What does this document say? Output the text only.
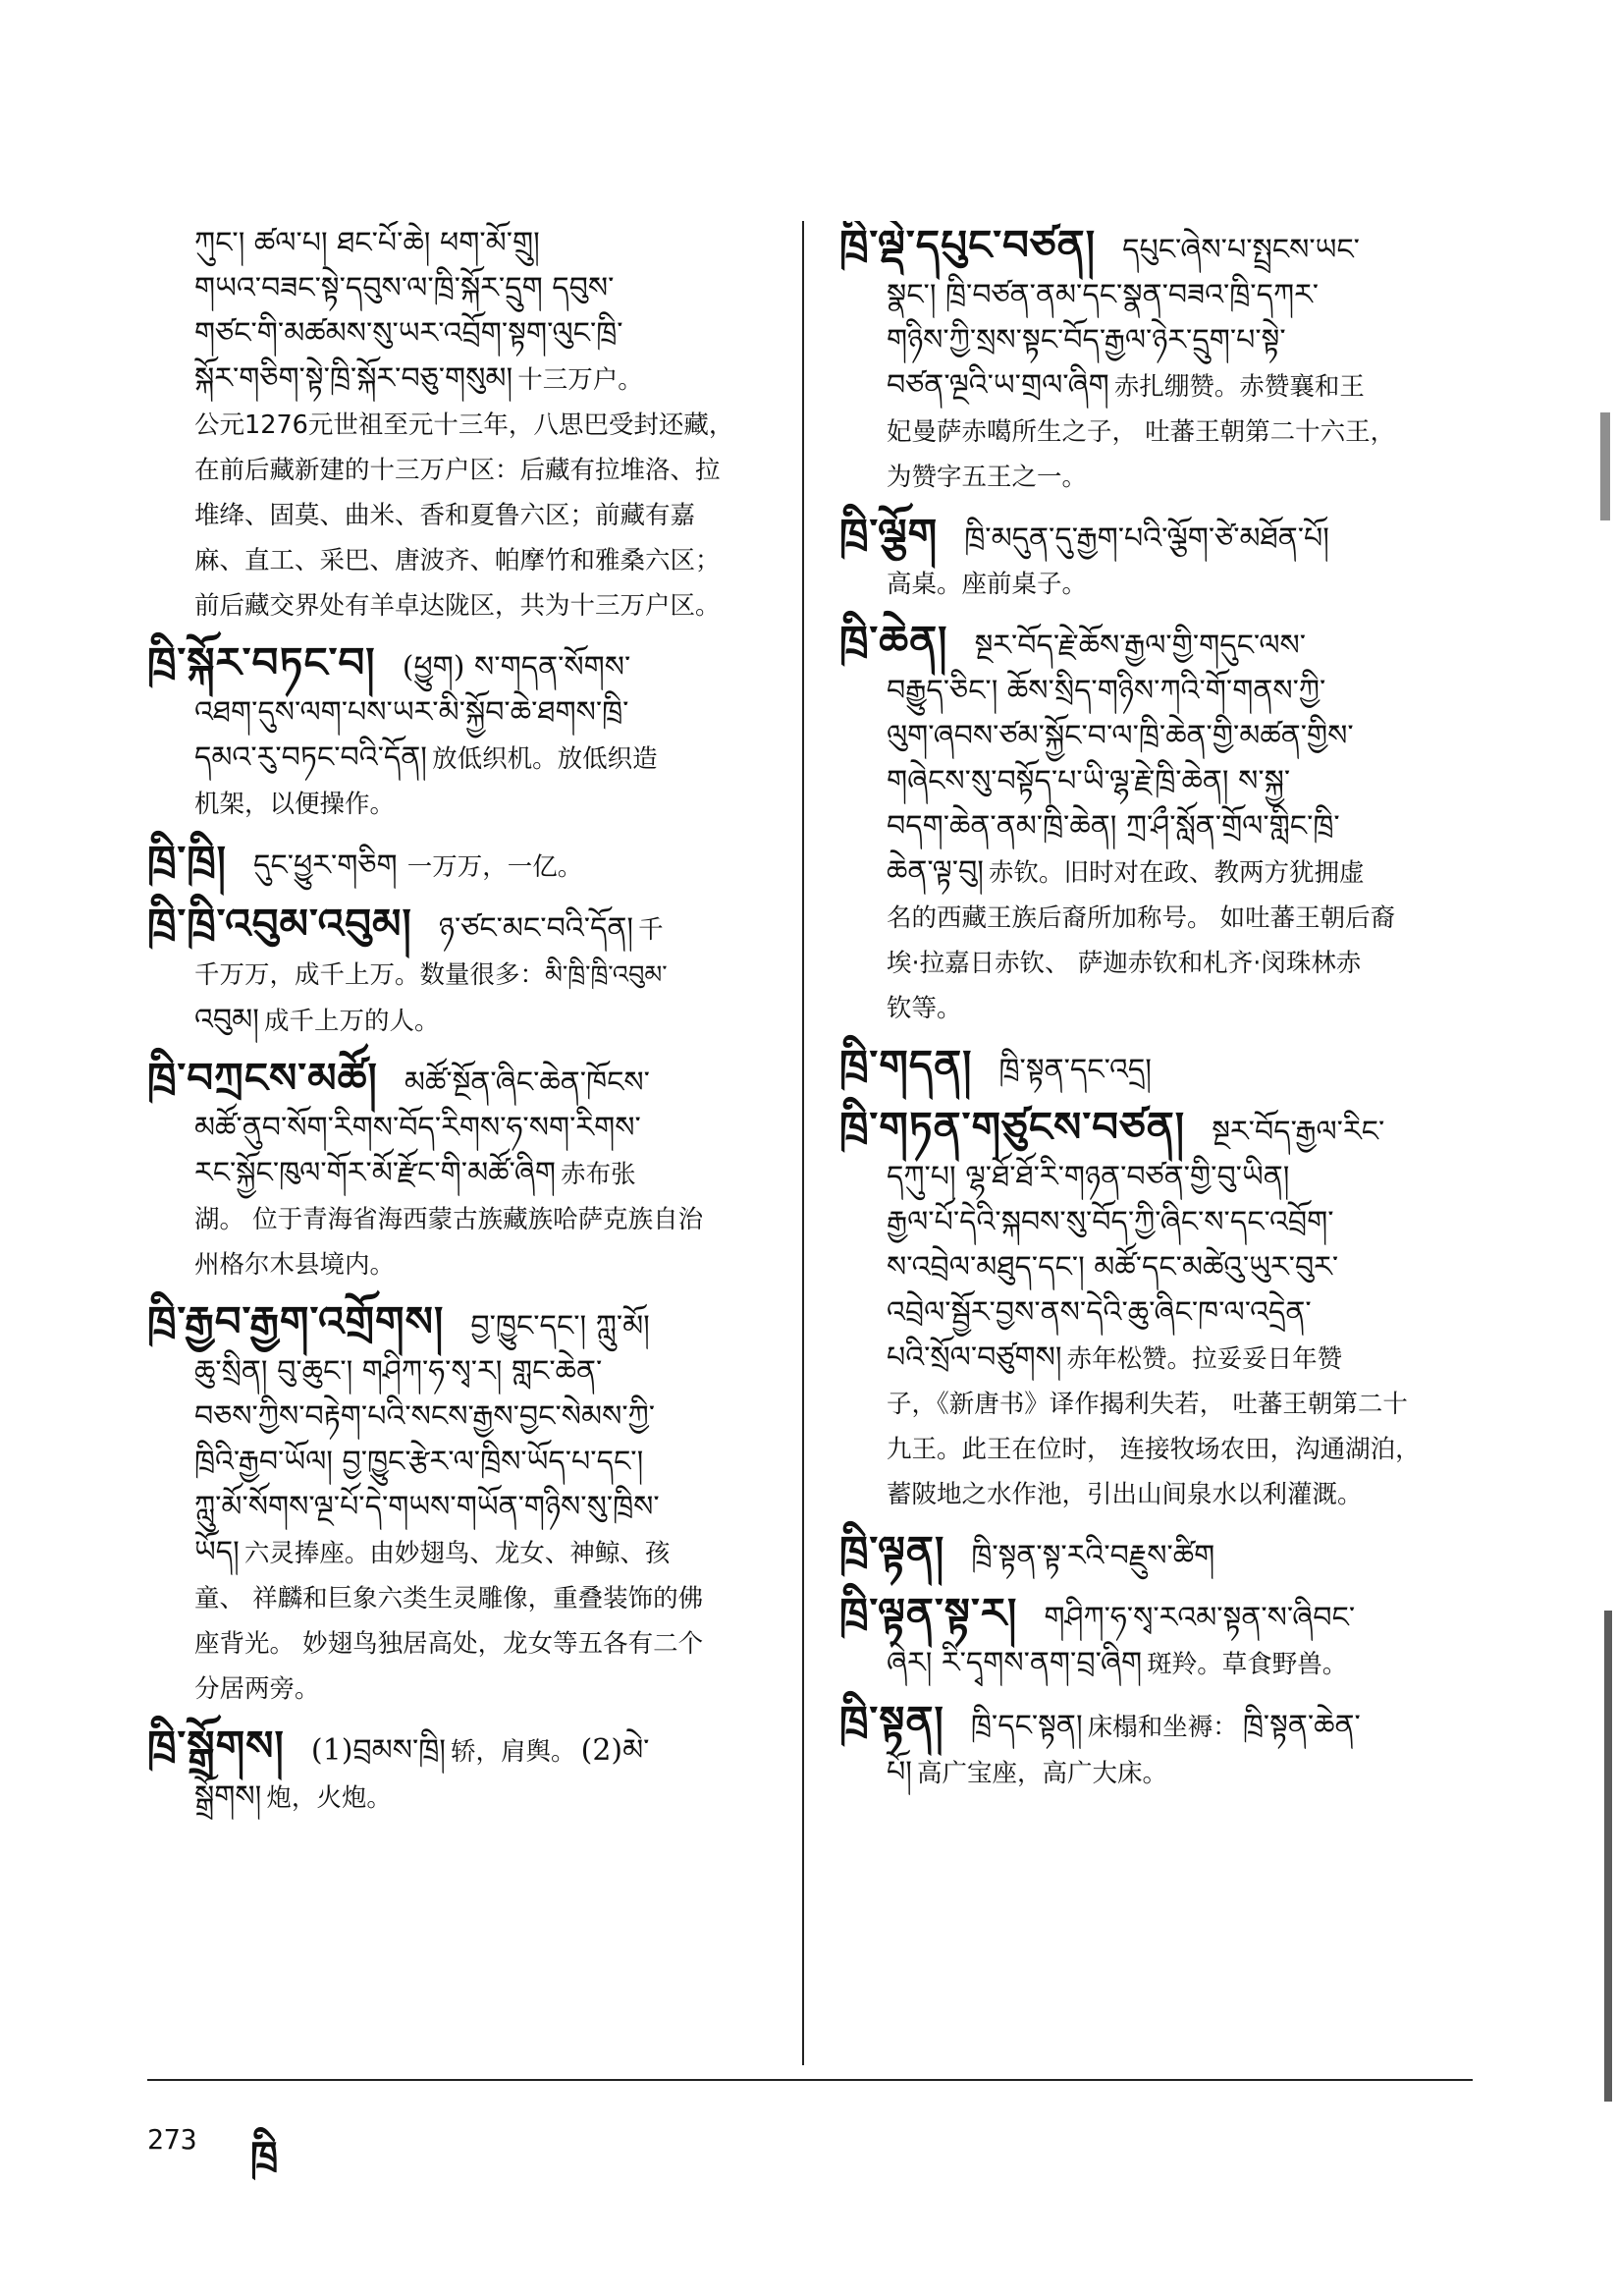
ཀུང་། ཚལ་པ། ཐང་པོ་ཆེ། ཕག་མོ་གྲུ།
གཡའ་བཟང་སྟེ་དབུས་ལ་ཁྲི་སྐོར་དྲུག དབུས་
གཙང་གི་མཚམས་སུ་ཡར་འབྲོག་སྟག་ལུང་ཁྲི་
སྐོར་གཅིག་སྟེ་ཁྲི་སྐོར་བཅུ་གསུམ། 十三万户。
公元1276元世祖至元十三年，八思巴受封还藏，
在前后藏新建的十三万户区：后藏有拉堆洛、拉
堆绛、固莫、曲米、香和夏鲁六区；前藏有嘉
麻、直工、采巴、唐波齐、帕摩竹和雅桑六区；
前后藏交界处有羊卓达陇区，共为十三万户区。
ཁྲི་སྐོར་བཏང་བ། (ཕྱུག) ས་གདན་སོགས་
འཐག་དུས་ལག་པས་ཡར་མི་སྐྱོབ་ཆེ་ཐགས་ཁྲི་
དམའ་རུ་བཏང་བའི་དོན། 放低织机。放低织造
机架，以便操作。
ཁྲི་ཁྲི། དུང་ཕྱུར་གཅིག 一万万，一亿。
ཁྲི་ཁྲི་འབུམ་འབུམ། ཉ་ཙང་མང་བའི་དོན། 千
千万万，成千上万。数量很多：མི་ཁྲི་ཁྲི་འབུམ་
འབུམ། 成千上万的人。
ཁྲི་བཀྲངས་མཚོ། མཚོ་སྔོན་ཞིང་ཆེན་ཁོངས་
མཚོ་ནུབ་སོག་རིགས་བོད་རིགས་ཧ་སག་རིགས་
རང་སྐྱོང་ཁུལ་གོར་མོ་རྫོང་གི་མཚོ་ཞིག 赤布张
湖。 位于青海省海西蒙古族藏族哈萨克族自治
州格尔木县境内。
ཁྲི་རྒྱབ་རྒྱག་འགྲོགས། བྱ་ཁྱུང་དང་། ཀླུ་མོ།
ཆུ་སྲིན། བུ་ཆུང་། གཤིཀ་ཧ་སྭ་ར། གླང་ཆེན་
བཅས་ཀྱིས་བརྟེག་པའི་སངས་རྒྱས་བྱང་སེམས་ཀྱི་
ཁྲིའི་རྒྱབ་ཡོལ། བྱ་ཁྱུང་རྩེར་ལ་ཁྲིས་ཡོད་པ་དང་།
ཀླུ་མོ་སོགས་ལྔ་པོ་དེ་གཡས་གཡོན་གཉིས་སུ་ཁྲིས་
ཡོད། 六灵捧座。由妙翅鸟、龙女、神鲸、孩
童、 祥麟和巨象六类生灵雕像，重叠装饰的佛
座背光。 妙翅鸟独居高处，龙女等五各有二个
分居两旁。
ཁྲི་སྒྲོགས། (1)བྲམས་ཁྲི། 轿，肩舆。 (2)མེ་
སྒྲོགས། 炮，火炮。
ཁྲི་ལྡེ་དཔུང་བཙན། དཔུང་ཞེས་པ་སྤྲངས་ཡང་
སྣང་། ཁྲི་བཙན་ནམ་དང་སྣན་བཟའ་ཁྲི་དཀར་
གཉིས་ཀྱི་སྲས་སྟང་བོད་རྒྱལ་ཉེར་དྲུག་པ་སྟེ་
བཙན་ལྔའི་ཡ་གྲལ་ཞིག 赤扎绷赞。赤赞襄和王
妃曼萨赤噶所生之子， 吐蕃王朝第二十六王，
为赞字五王之一。
ཁྲི་ལྕོག ཁྲི་མདུན་དུ་རྒྱག་པའི་ལྕོག་ཙེ་མཐོན་པོ།
高桌。座前桌子。
ཁྲི་ཆེན། སྔར་བོད་རྗེ་ཆོས་རྒྱལ་གྱི་གདུང་ལས་
བརྒྱུད་ཅིང་། ཆོས་སྲིད་གཉིས་ཀའི་གོ་གནས་ཀྱི་
ལུག་ཞབས་ཙམ་སྐྱོང་བ་ལ་ཁྲི་ཆེན་གྱི་མཚན་གྱིས་
གཞེངས་སུ་བསྟོད་པ་ཡི་ལྷ་རྗེ་ཁྲི་ཆེན། ས་སྐྱ་
བདག་ཆེན་ནམ་ཁྲི་ཆེན། ཀྲ་ཤྀ་སློན་གྲོལ་གླིང་ཁྲི་
ཆེན་ལྟ་བུ། 赤钦。旧时对在政、教两方犹拥虚
名的西藏王族后裔所加称号。 如吐蕃王朝后裔
埃·拉嘉日赤钦、 萨迦赤钦和札齐·闵珠林赤
钦等。
ཁྲི་གདན། ཁྲི་སྟན་དང་འདྲ།
ཁྲི་གཏན་གཙུངས་བཙན། སྔར་བོད་རྒྱལ་རིང་
དཀུ་པ། ལྷ་ཐོ་ཐོ་རི་གཉན་བཙན་གྱི་བུ་ཡིན།
རྒྱལ་པོ་དེའི་སྐབས་སུ་བོད་ཀྱི་ཞིང་ས་དང་འབྲོག་
ས་འབྲེལ་མཐུད་དང་། མཚོ་དང་མཚེའུ་ཡུར་བུར་
འབྲེལ་སྦྱོར་བྱས་ནས་དེའི་ཆུ་ཞིང་ཁ་ལ་འདྲེན་
པའི་སྲོལ་བཙུགས། 赤年松赞。拉妥妥日年赞
子，《新唐书》译作揭利失若， 吐蕃王朝第二十
九王。此王在位时， 连接牧场农田，沟通湖泊，
蓄陂地之水作池，引出山间泉水以利灌溉。
ཁྲི་ལྟན། ཁྲི་སྟན་སྟ་རའི་བརྗུས་ཚིག
ཁྲི་ལྟན་སྟ་ར། གཤིཀ་ཧ་སྭ་རའམ་སྟན་ས་ཞིབང་
ཞེར། རི་དྭགས་ནག་བྲ་ཞིག 斑羚。草食野兽。
ཁྲི་སྟན། ཁྲི་དང་སྟན། 床榻和坐褥： ཁྲི་སྟན་ཆེན་
པོ། 高广宝座，高广大床。
273 ཁྲི
